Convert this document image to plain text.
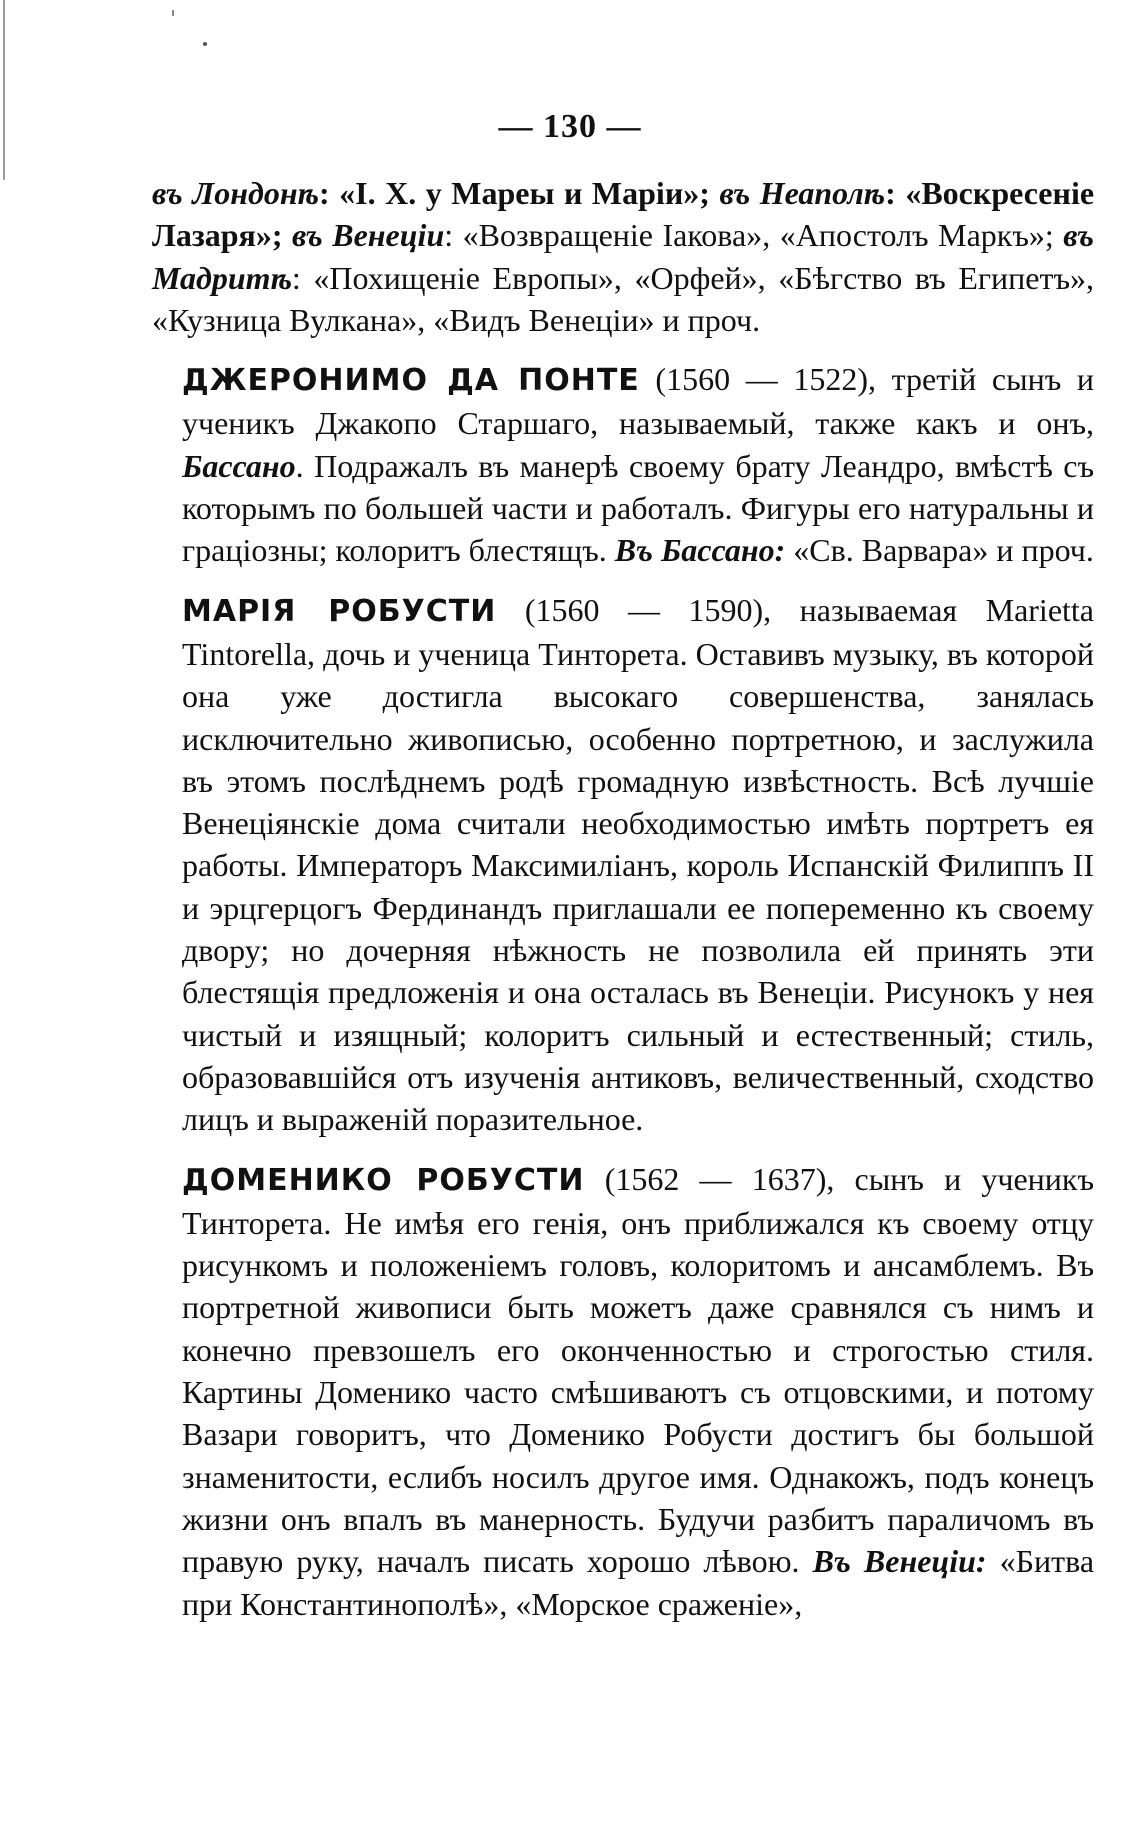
— 130 —

въ Лондонѣ: «I. Х. у Мареы и Маріи»; въ Неаполѣ: «Воскресеніе Лазаря»; въ Венеціи: «Возвращеніе Іакова», «Апостолъ Маркъ»; въ Мадритѣ: «Похищеніе Европы», «Орфей», «Бѣгство въ Египетъ», «Кузница Вулкана», «Видъ Венеціи» и проч.

ДЖЕРОНИМО ДА ПОНТЕ (1560 — 1522), третій сынъ и ученикъ Джакопо Старшаго, называемый, также какъ и онъ, Бассано. Подражалъ въ манерѣ своему брату Леандро, вмѣстѣ съ которымъ по большей части и работалъ. Фигуры его натуральны и граціозны; колоритъ блестящъ. Въ Бассано: «Св. Варвара» и проч.

МАРІЯ РОБУСТИ (1560 — 1590), называемая Marietta Tintorella, дочь и ученица Тинторета. Оставивъ музыку, въ которой она уже достигла высокаго совершенства, занялась исключительно живописью, особенно портретною, и заслужила въ этомъ послѣднемъ родѣ громадную извѣстность. Всѣ лучшіе Венеціянскіе дома считали необходимостью имѣть портретъ ея работы. Императоръ Максимиліанъ, король Испанскій Филиппъ II и эрцгерцогъ Фердинандъ приглашали ее попеременно къ своему двору; но дочерняя нѣжность не позволила ей принять эти блестящія предложенія и она осталась въ Венеціи. Рисунокъ у нея чистый и изящный; колоритъ сильный и естественный; стиль, образовавшійся отъ изученія антиковъ, величественный, сходство лицъ и выраженій поразительное.

ДОМЕНИКО РОБУСТИ (1562 — 1637), сынъ и ученикъ Тинторета. Не имѣя его генія, онъ приближался къ своему отцу рисункомъ и положеніемъ головъ, колоритомъ и ансамблемъ. Въ портретной живописи быть можетъ даже сравнялся съ нимъ и конечно превзошелъ его оконченностью и строгостью стиля. Картины Доменико часто смѣшиваютъ съ отцовскими, и потому Вазари говоритъ, что Доменико Робусти достигъ бы большой знаменитости, еслибъ носилъ другое имя. Однакожъ, подъ конецъ жизни онъ впалъ въ манерность. Будучи разбитъ параличомъ въ правую руку, началъ писать хорошо лѣвою. Въ Венеціи: «Битва при Константинополѣ», «Морское сраженіе»,
